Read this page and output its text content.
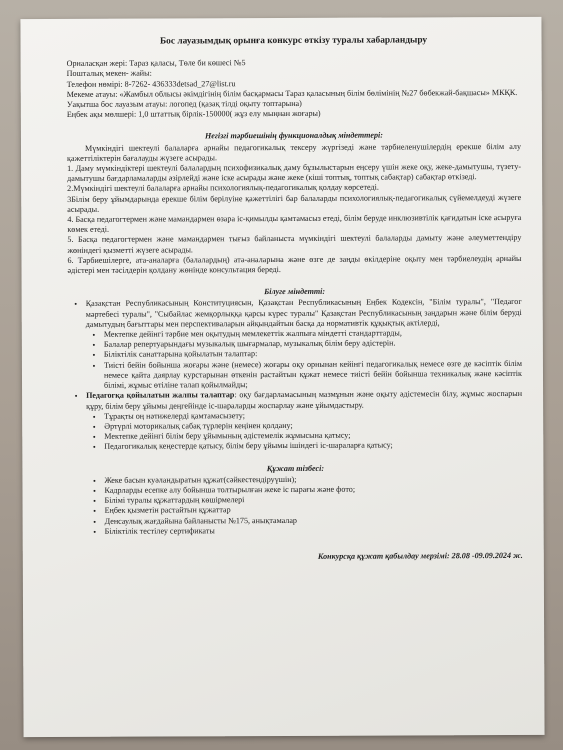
Бос лауазымдық орынға конкурс өткізу туралы хабарландыру
Орналасқан жері: Тараз қаласы, Төле би көшесі №5
Пошталық мекен- жайы:
Телефон нөмірі: 8-7262- 436333detsad_27@list.ru
Мекеме атауы: «Жамбыл облысы әкімдігінің білім басқармасы Тараз қаласының білім бөлімінің №27 бөбекжай-бақшасы» МКҚК.
Уақытша бос лауазым атауы: логопед (қазақ тілді оқыту топтарына)
Еңбек ақы мөлшері: 1,0 штаттық бірлік-150000( жұз елу мыңнан жоғары)
Негізгі тәрбиешінің функционалдық міндеттері:
Мүмкіндігі шектеулі балаларға арнайы педагогикалық тексеру жүргізеді және тәрбиеленушілердің ерекше білім алу қажеттіліктерін бағалауды жүзеге асырады.
1. Даму мүмкіндіктері шектеулі балалардың психофизикалық даму бұзылыстарын еңсеру үшін жеке оқу, жеке-дамытушы, түзету-дамытушы бағдарламаларды әзірлейді және іске асырады және жеке (кіші топтық, топтық сабақтар) сабақтар өткізеді.
2.Мүмкіндігі шектеулі балаларға арнайы психологиялық-педагогикалық қолдау көрсетеді.
3Білім беру ұйымдарында ерекше білім берілуіне қажеттілігі бар балаларды психологиялық-педагогикалық сүйемелдеуді жүзеге асырады.
4. Басқа педагогтермен және мамандармен өзара іс-қимылды қамтамасыз етеді, білім беруде инклюзивтілік қағидатын іске асыруға көмек етеді.
5. Басқа педагогтермен және мамандармен тығыз байланыста мүмкіндігі шектеулі балаларды дамыту және әлеуметтендіру жөніндегі қызметті жүзеге асырады.
6. Тәрбиешілерге, ата-аналарға (балалардың) ата-аналарына және өзге де заңды өкілдеріне оқыту мен тәрбиелеудің арнайы әдістері мен тәсілдерін қолдану жөнінде консультация береді.
Білуге міндетті:
• Қазақстан Республикасының Конституциясын, Қазақстан Республикасының Еңбек Кодексін, "Білім туралы", "Педагог мәртебесі туралы", "Сыбайлас жемқорлыққа қарсы күрес туралы" Қазақстан Республикасының заңдарын және білім беруді дамытудың бағыттары мен перспективаларын айқындайтын басқа да нормативтік құқықтық актілерді,
• Мектепке дейінгі тәрбие мен оқытудың мемлекеттік жалпыға міндетті стандарттарды,
• Балалар репертуарындағы музыкалық шығармалар, музыкалық білім беру әдістерін.
• Біліктілік санаттарына қойылатын талаптар:
• Тиісті бейін бойынша жоғары және (немесе) жоғары оқу орнынан кейінгі педагогикалық немесе өзге де кәсіптік білім немесе қайта даярлау курстарынан өткенін растайтын құжат немесе тиісті бейін бойынша техникалық және кәсіптік білімі, жұмыс өтіліне талап қойылмайды;
• Педагогқа қойылатын жалпы талаптар: оқу бағдарламасының мазмұнын және оқыту әдістемесін білу, жұмыс жоспарын құру, білім беру ұйымы деңгейінде іс-шараларды жоспарлау және ұйымдастыру.
• Тұрақты оң нәтижелерді қамтамасызету;
• Әртүрлі моторикалық сабақ түрлерін кеңінен қолдану;
• Мектепке дейінгі білім беру ұйымының әдістемелік жұмысына қатысу;
• Педагогикалық кеңестерде қатысу, білім беру ұйымы ішіндегі іс-шараларға қатысу;
Құжат тізбесі:
• Жеке басын куәландыратын құжат(сәйкестендіруүшін);
• Кадрларды есепке алу бойынша толтырылған жеке іс парағы және фото;
• Білімі туралы құжаттардың көшірмелері
• Еңбек қызметін растайтын құжаттар
• Денсаулық жағдайына байланысты №175, анықтамалар
• Біліктілік тестілеу сертификаты
Конкурсқа құжат қабылдау мерзімі: 28.08 -09.09.2024 ж.
